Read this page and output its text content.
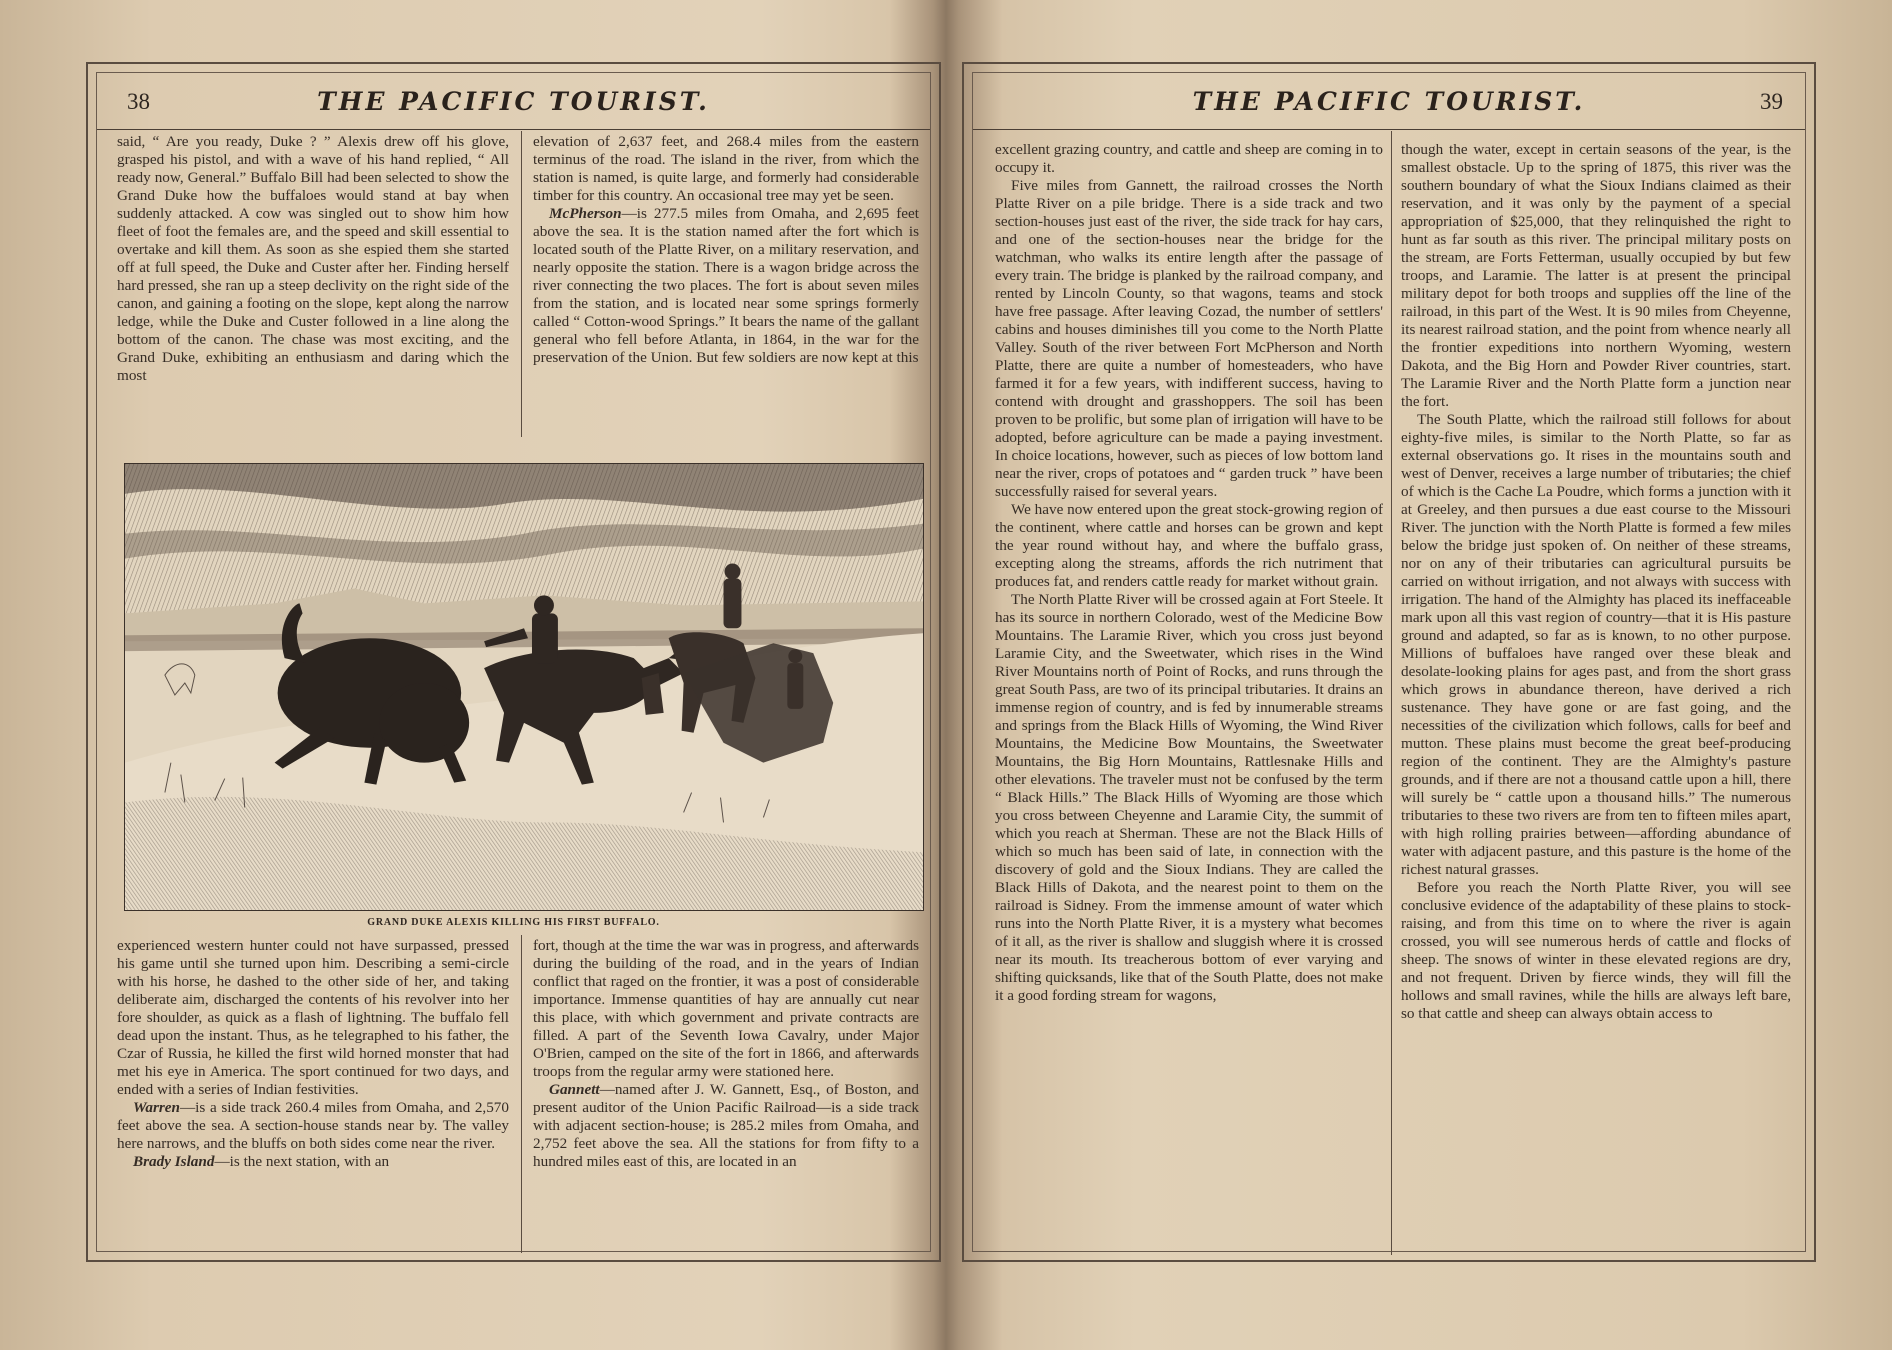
38	THE PACIFIC TOURIST.

said, “ Are you ready, Duke ? ” Alexis drew off his glove, grasped his pistol, and with a wave of his hand replied, “ All ready now, General.” Buffalo Bill had been selected to show the Grand Duke how the buffaloes would stand at bay when suddenly attacked. A cow was singled out to show him how fleet of foot the females are, and the speed and skill essential to overtake and kill them. As soon as she espied them she started off at full speed, the Duke and Custer after her. Finding herself hard pressed, she ran up a steep declivity on the right side of the canon, and gaining a footing on the slope, kept along the narrow ledge, while the Duke and Custer followed in a line along the bottom of the canon. The chase was most exciting, and the Grand Duke, exhibiting an enthusiasm and daring which the most

elevation of 2,637 feet, and 268.4 miles from the eastern terminus of the road. The island in the river, from which the station is named, is quite large, and formerly had considerable timber for this country. An occasional tree may yet be seen.

McPherson—is 277.5 miles from Omaha, and 2,695 feet above the sea. It is the station named after the fort which is located south of the Platte River, on a military reservation, and nearly opposite the station. There is a wagon bridge across the river connecting the two places. The fort is about seven miles from the station, and is located near some springs formerly called “ Cotton-wood Springs.” It bears the name of the gallant general who fell before Atlanta, in 1864, in the war for the preservation of the Union. But few soldiers are now kept at this

GRAND DUKE ALEXIS KILLING HIS FIRST BUFFALO.

experienced western hunter could not have surpassed, pressed his game until she turned upon him. Describing a semi-circle with his horse, he dashed to the other side of her, and taking deliberate aim, discharged the contents of his revolver into her fore shoulder, as quick as a flash of lightning. The buffalo fell dead upon the instant. Thus, as he telegraphed to his father, the Czar of Russia, he killed the first wild horned monster that had met his eye in America. The sport continued for two days, and ended with a series of Indian festivities.

Warren—is a side track 260.4 miles from Omaha, and 2,570 feet above the sea. A section-house stands near by. The valley here narrows, and the bluffs on both sides come near the river.

Brady Island—is the next station, with an

fort, though at the time the war was in progress, and afterwards during the building of the road, and in the years of Indian conflict that raged on the frontier, it was a post of considerable importance. Immense quantities of hay are annually cut near this place, with which government and private contracts are filled. A part of the Seventh Iowa Cavalry, under Major O'Brien, camped on the site of the fort in 1866, and afterwards troops from the regular army were stationed here.

Gannett—named after J. W. Gannett, Esq., of Boston, and present auditor of the Union Pacific Railroad—is a side track with adjacent section-house; is 285.2 miles from Omaha, and 2,752 feet above the sea. All the stations for from fifty to a hundred miles east of this, are located in an

THE PACIFIC TOURIST.	39

excellent grazing country, and cattle and sheep are coming in to occupy it.

Five miles from Gannett, the railroad crosses the North Platte River on a pile bridge. There is a side track and two section-houses just east of the river, the side track for hay cars, and one of the section-houses near the bridge for the watchman, who walks its entire length after the passage of every train. The bridge is planked by the railroad company, and rented by Lincoln County, so that wagons, teams and stock have free passage. After leaving Cozad, the number of settlers' cabins and houses diminishes till you come to the North Platte Valley. South of the river between Fort McPherson and North Platte, there are quite a number of homesteaders, who have farmed it for a few years, with indifferent success, having to contend with drought and grasshoppers. The soil has been proven to be prolific, but some plan of irrigation will have to be adopted, before agriculture can be made a paying investment. In choice locations, however, such as pieces of low bottom land near the river, crops of potatoes and “ garden truck ” have been successfully raised for several years.

We have now entered upon the great stock-growing region of the continent, where cattle and horses can be grown and kept the year round without hay, and where the buffalo grass, excepting along the streams, affords the rich nutriment that produces fat, and renders cattle ready for market without grain.

The North Platte River will be crossed again at Fort Steele. It has its source in northern Colorado, west of the Medicine Bow Mountains. The Laramie River, which you cross just beyond Laramie City, and the Sweetwater, which rises in the Wind River Mountains north of Point of Rocks, and runs through the great South Pass, are two of its principal tributaries. It drains an immense region of country, and is fed by innumerable streams and springs from the Black Hills of Wyoming, the Wind River Mountains, the Medicine Bow Mountains, the Sweetwater Mountains, the Big Horn Mountains, Rattlesnake Hills and other elevations. The traveler must not be confused by the term “ Black Hills.” The Black Hills of Wyoming are those which you cross between Cheyenne and Laramie City, the summit of which you reach at Sherman. These are not the Black Hills of which so much has been said of late, in connection with the discovery of gold and the Sioux Indians. They are called the Black Hills of Dakota, and the nearest point to them on the railroad is Sidney. From the immense amount of water which runs into the North Platte River, it is a mystery what becomes of it all, as the river is shallow and sluggish where it is crossed near its mouth. Its treacherous bottom of ever varying and shifting quicksands, like that of the South Platte, does not make it a good fording stream for wagons,

though the water, except in certain seasons of the year, is the smallest obstacle. Up to the spring of 1875, this river was the southern boundary of what the Sioux Indians claimed as their reservation, and it was only by the payment of a special appropriation of $25,000, that they relinquished the right to hunt as far south as this river. The principal military posts on the stream, are Forts Fetterman, usually occupied by but few troops, and Laramie. The latter is at present the principal military depot for both troops and supplies off the line of the railroad, in this part of the West. It is 90 miles from Cheyenne, its nearest railroad station, and the point from whence nearly all the frontier expeditions into northern Wyoming, western Dakota, and the Big Horn and Powder River countries, start. The Laramie River and the North Platte form a junction near the fort.

The South Platte, which the railroad still follows for about eighty-five miles, is similar to the North Platte, so far as external observations go. It rises in the mountains south and west of Denver, receives a large number of tributaries; the chief of which is the Cache La Poudre, which forms a junction with it at Greeley, and then pursues a due east course to the Missouri River. The junction with the North Platte is formed a few miles below the bridge just spoken of. On neither of these streams, nor on any of their tributaries can agricultural pursuits be carried on without irrigation, and not always with success with irrigation. The hand of the Almighty has placed its ineffaceable mark upon all this vast region of country—that it is His pasture ground and adapted, so far as is known, to no other purpose. Millions of buffaloes have ranged over these bleak and desolate-looking plains for ages past, and from the short grass which grows in abundance thereon, have derived a rich sustenance. They have gone or are fast going, and the necessities of the civilization which follows, calls for beef and mutton. These plains must become the great beef-producing region of the continent. They are the Almighty's pasture grounds, and if there are not a thousand cattle upon a hill, there will surely be “ cattle upon a thousand hills.” The numerous tributaries to these two rivers are from ten to fifteen miles apart, with high rolling prairies between—affording abundance of water with adjacent pasture, and this pasture is the home of the richest natural grasses.

Before you reach the North Platte River, you will see conclusive evidence of the adaptability of these plains to stock-raising, and from this time on to where the river is again crossed, you will see numerous herds of cattle and flocks of sheep. The snows of winter in these elevated regions are dry, and not frequent. Driven by fierce winds, they will fill the hollows and small ravines, while the hills are always left bare, so that cattle and sheep can always obtain access to
